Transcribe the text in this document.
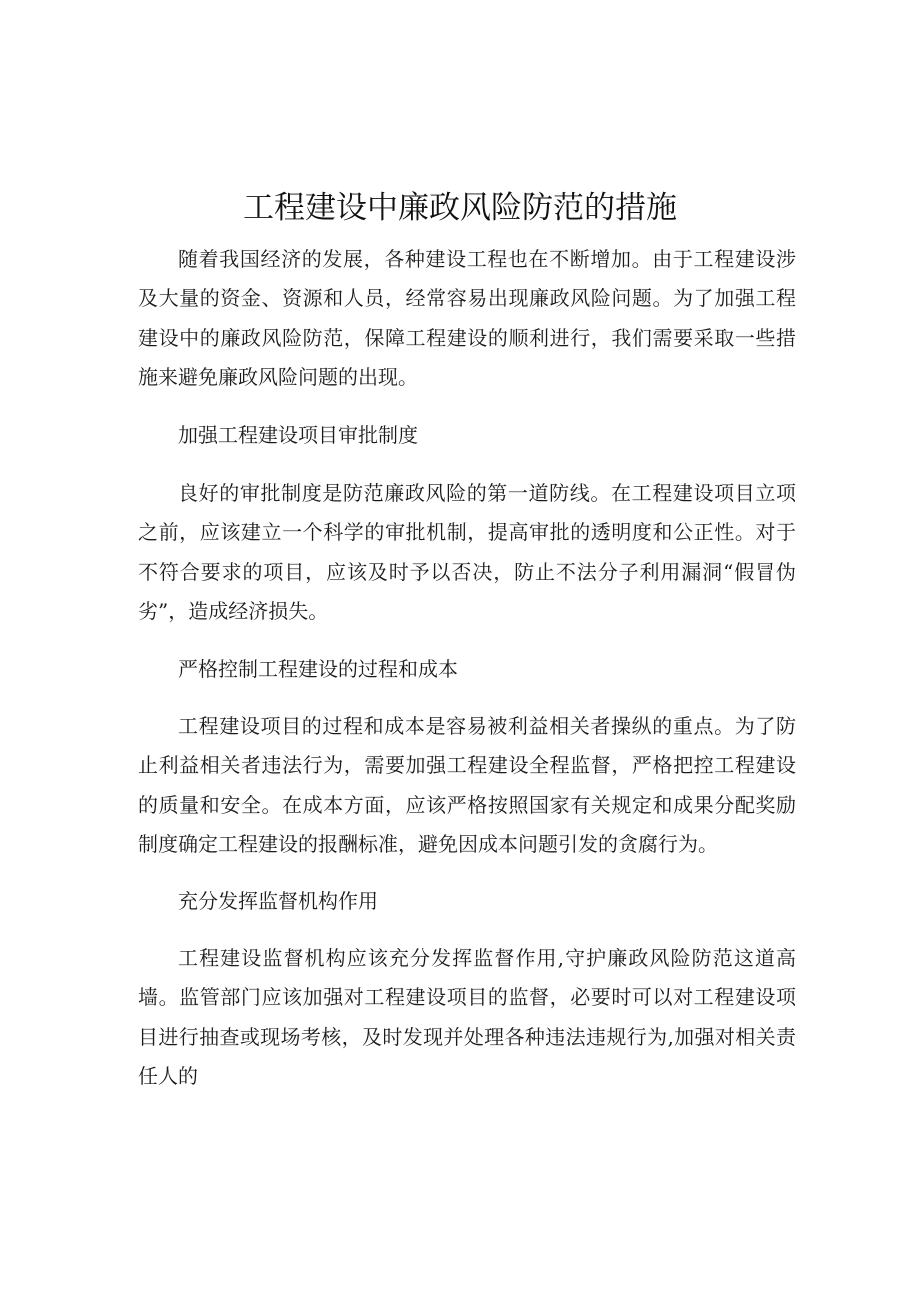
工程建设中廉政风险防范的措施

随着我国经济的发展，各种建设工程也在不断增加。由于工程建设涉及大量的资金、资源和人员，经常容易出现廉政风险问题。为了加强工程建设中的廉政风险防范，保障工程建设的顺利进行，我们需要采取一些措施来避免廉政风险问题的出现。

加强工程建设项目审批制度

良好的审批制度是防范廉政风险的第一道防线。在工程建设项目立项之前，应该建立一个科学的审批机制，提高审批的透明度和公正性。对于不符合要求的项目，应该及时予以否决，防止不法分子利用漏洞“假冒伪劣”，造成经济损失。

严格控制工程建设的过程和成本

工程建设项目的过程和成本是容易被利益相关者操纵的重点。为了防止利益相关者违法行为，需要加强工程建设全程监督，严格把控工程建设的质量和安全。在成本方面，应该严格按照国家有关规定和成果分配奖励制度确定工程建设的报酬标准，避免因成本问题引发的贪腐行为。

充分发挥监督机构作用

工程建设监督机构应该充分发挥监督作用,守护廉政风险防范这道高墙。监管部门应该加强对工程建设项目的监督，必要时可以对工程建设项目进行抽查或现场考核，及时发现并处理各种违法违规行为,加强对相关责任人的
